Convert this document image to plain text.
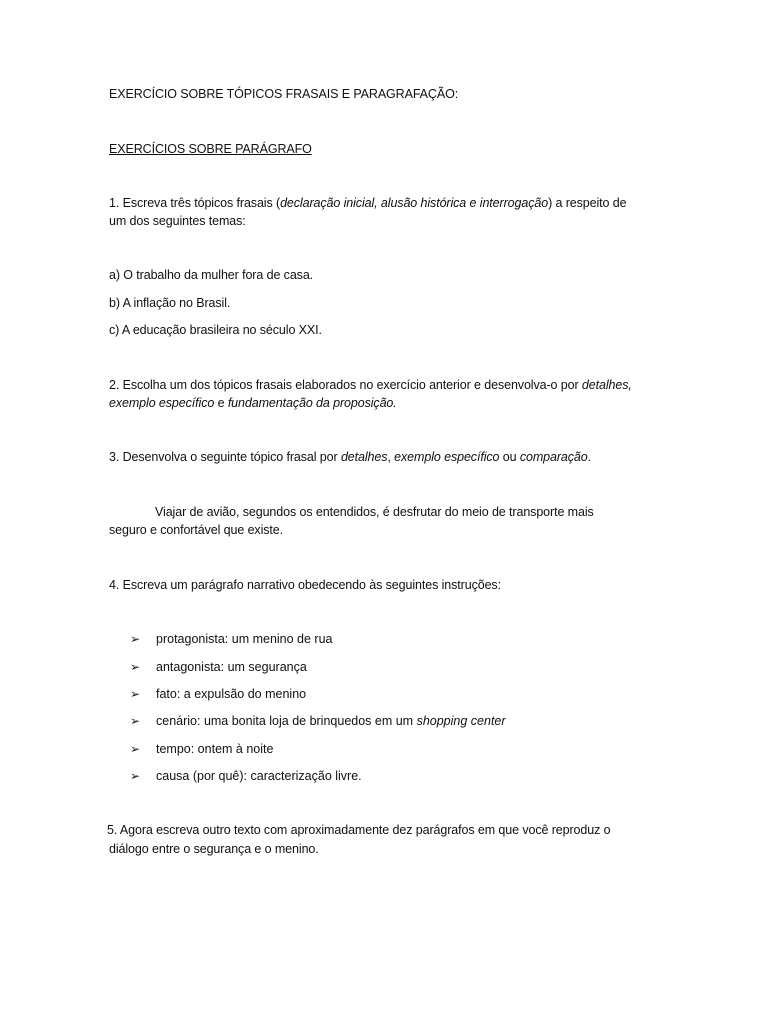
EXERCÍCIO SOBRE TÓPICOS FRASAIS E PARAGRAFAÇÃO:
EXERCÍCIOS SOBRE PARÁGRAFO
1. Escreva três tópicos frasais (declaração inicial, alusão histórica e interrogação) a respeito de
um dos seguintes temas:
a) O trabalho da mulher fora de casa.
b) A inflação no Brasil.
c) A educação brasileira no século XXI.
2. Escolha um dos tópicos frasais elaborados no exercício anterior e desenvolva-o por detalhes,
exemplo específico e fundamentação da proposição.
3. Desenvolva o seguinte tópico frasal por detalhes, exemplo específico ou comparação.
Viajar de avião, segundos os entendidos, é desfrutar do meio de transporte mais
seguro e confortável que existe.
4. Escreva um parágrafo narrativo obedecendo às seguintes instruções:
➢ protagonista: um menino de rua
➢ antagonista: um segurança
➢ fato: a expulsão do menino
➢ cenário: uma bonita loja de brinquedos em um shopping center
➢ tempo: ontem à noite
➢ causa (por quê): caracterização livre.
5. Agora escreva outro texto com aproximadamente dez parágrafos em que você reproduz o
diálogo entre o segurança e o menino.
